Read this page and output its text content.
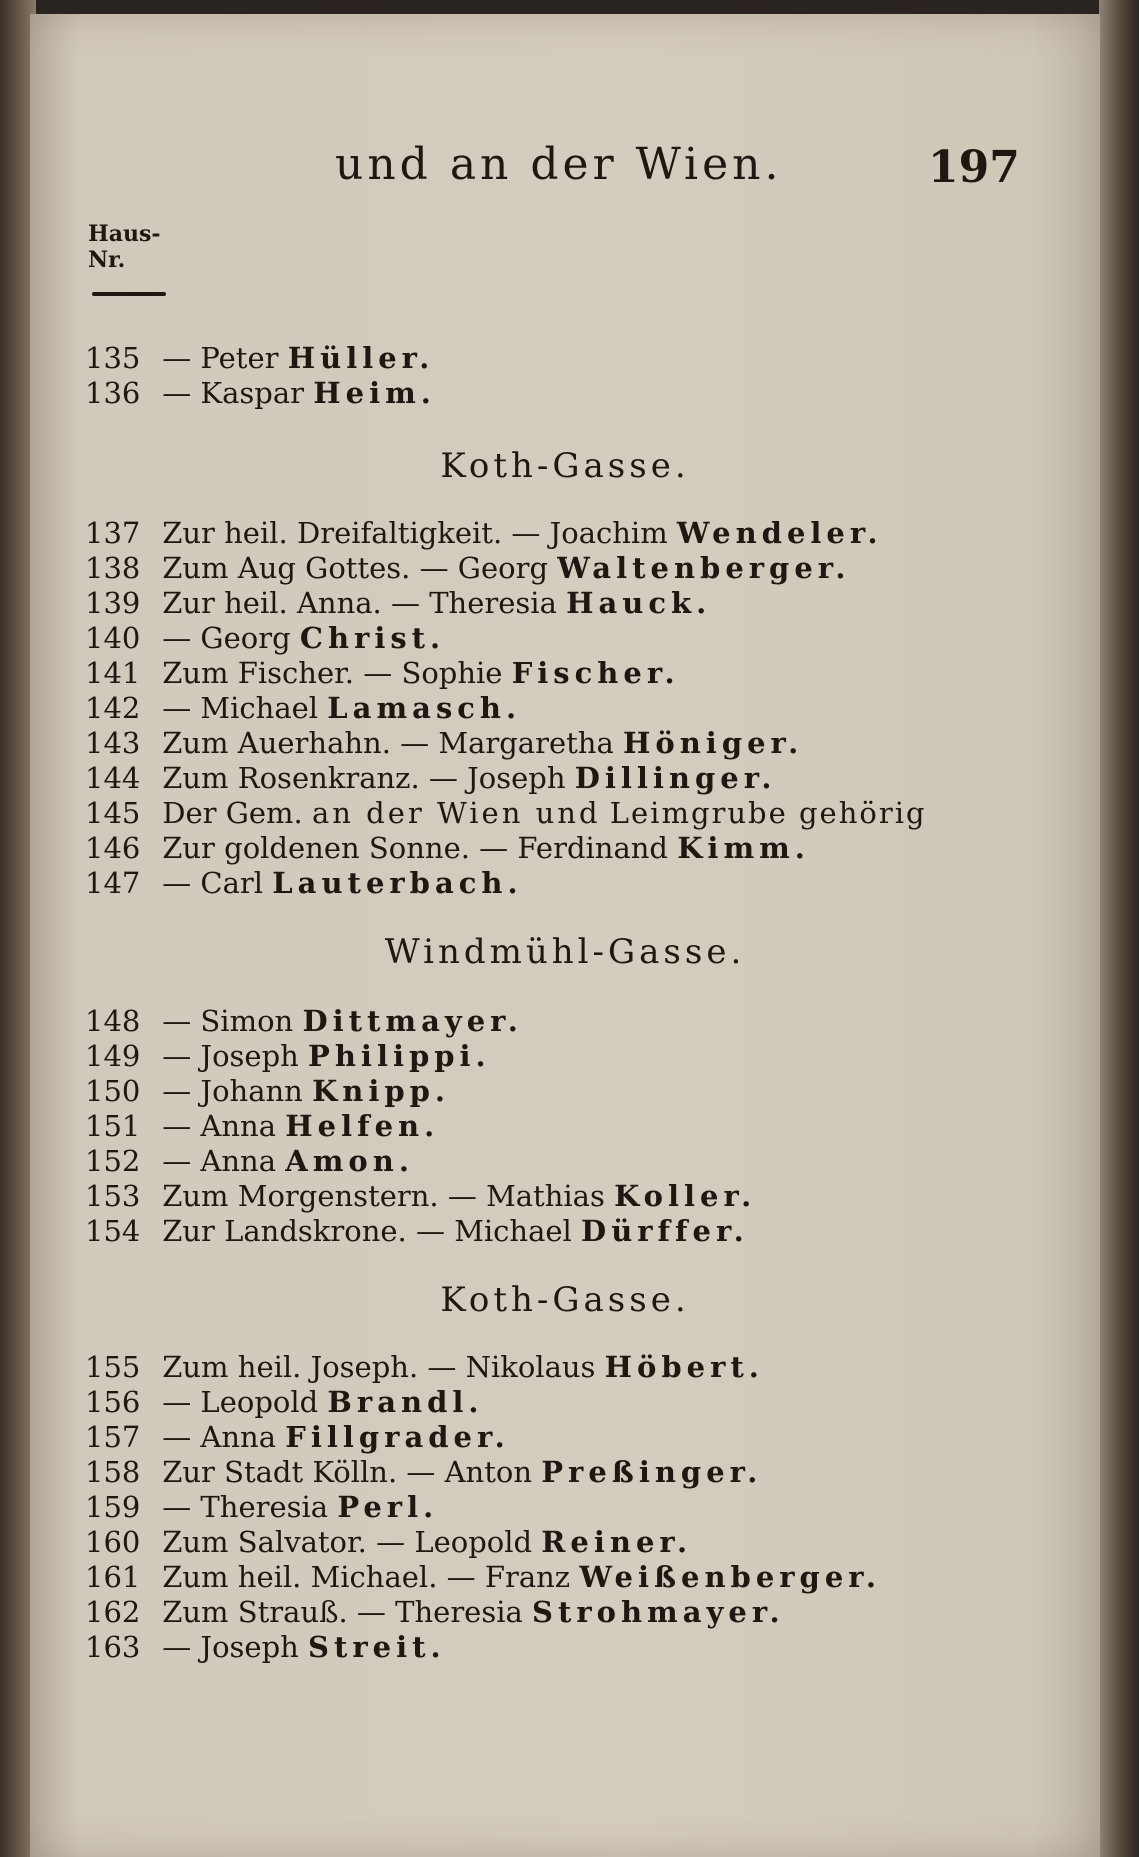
und an der Wien.	197
Haus-
Nr.
135 — Peter Hüller.
136 — Kaspar Heim.
Koth-Gasse.
137 Zur heil. Dreifaltigkeit. — Joachim Wendeler.
138 Zum Aug Gottes. — Georg Waltenberger.
139 Zur heil. Anna. — Theresia Hauck.
140 — Georg Christ.
141 Zum Fischer. — Sophie Fischer.
142 — Michael Lamasch.
143 Zum Auerhahn. — Margaretha Höniger.
144 Zum Rosenkranz. — Joseph Dillinger.
145 Der Gem. an der Wien und Leimgrube gehörig
146 Zur goldenen Sonne. — Ferdinand Kimm.
147 — Carl Lauterbach.
Windmühl-Gasse.
148 — Simon Dittmayer.
149 — Joseph Philippi.
150 — Johann Knipp.
151 — Anna Helfen.
152 — Anna Amon.
153 Zum Morgenstern. — Mathias Koller.
154 Zur Landskrone. — Michael Dürffer.
Koth-Gasse.
155 Zum heil. Joseph. — Nikolaus Höbert.
156 — Leopold Brandl.
157 — Anna Fillgrader.
158 Zur Stadt Kölln. — Anton Preßinger.
159 — Theresia Perl.
160 Zum Salvator. — Leopold Reiner.
161 Zum heil. Michael. — Franz Weißenberger.
162 Zum Strauß. — Theresia Strohmayer.
163 — Joseph Streit.
